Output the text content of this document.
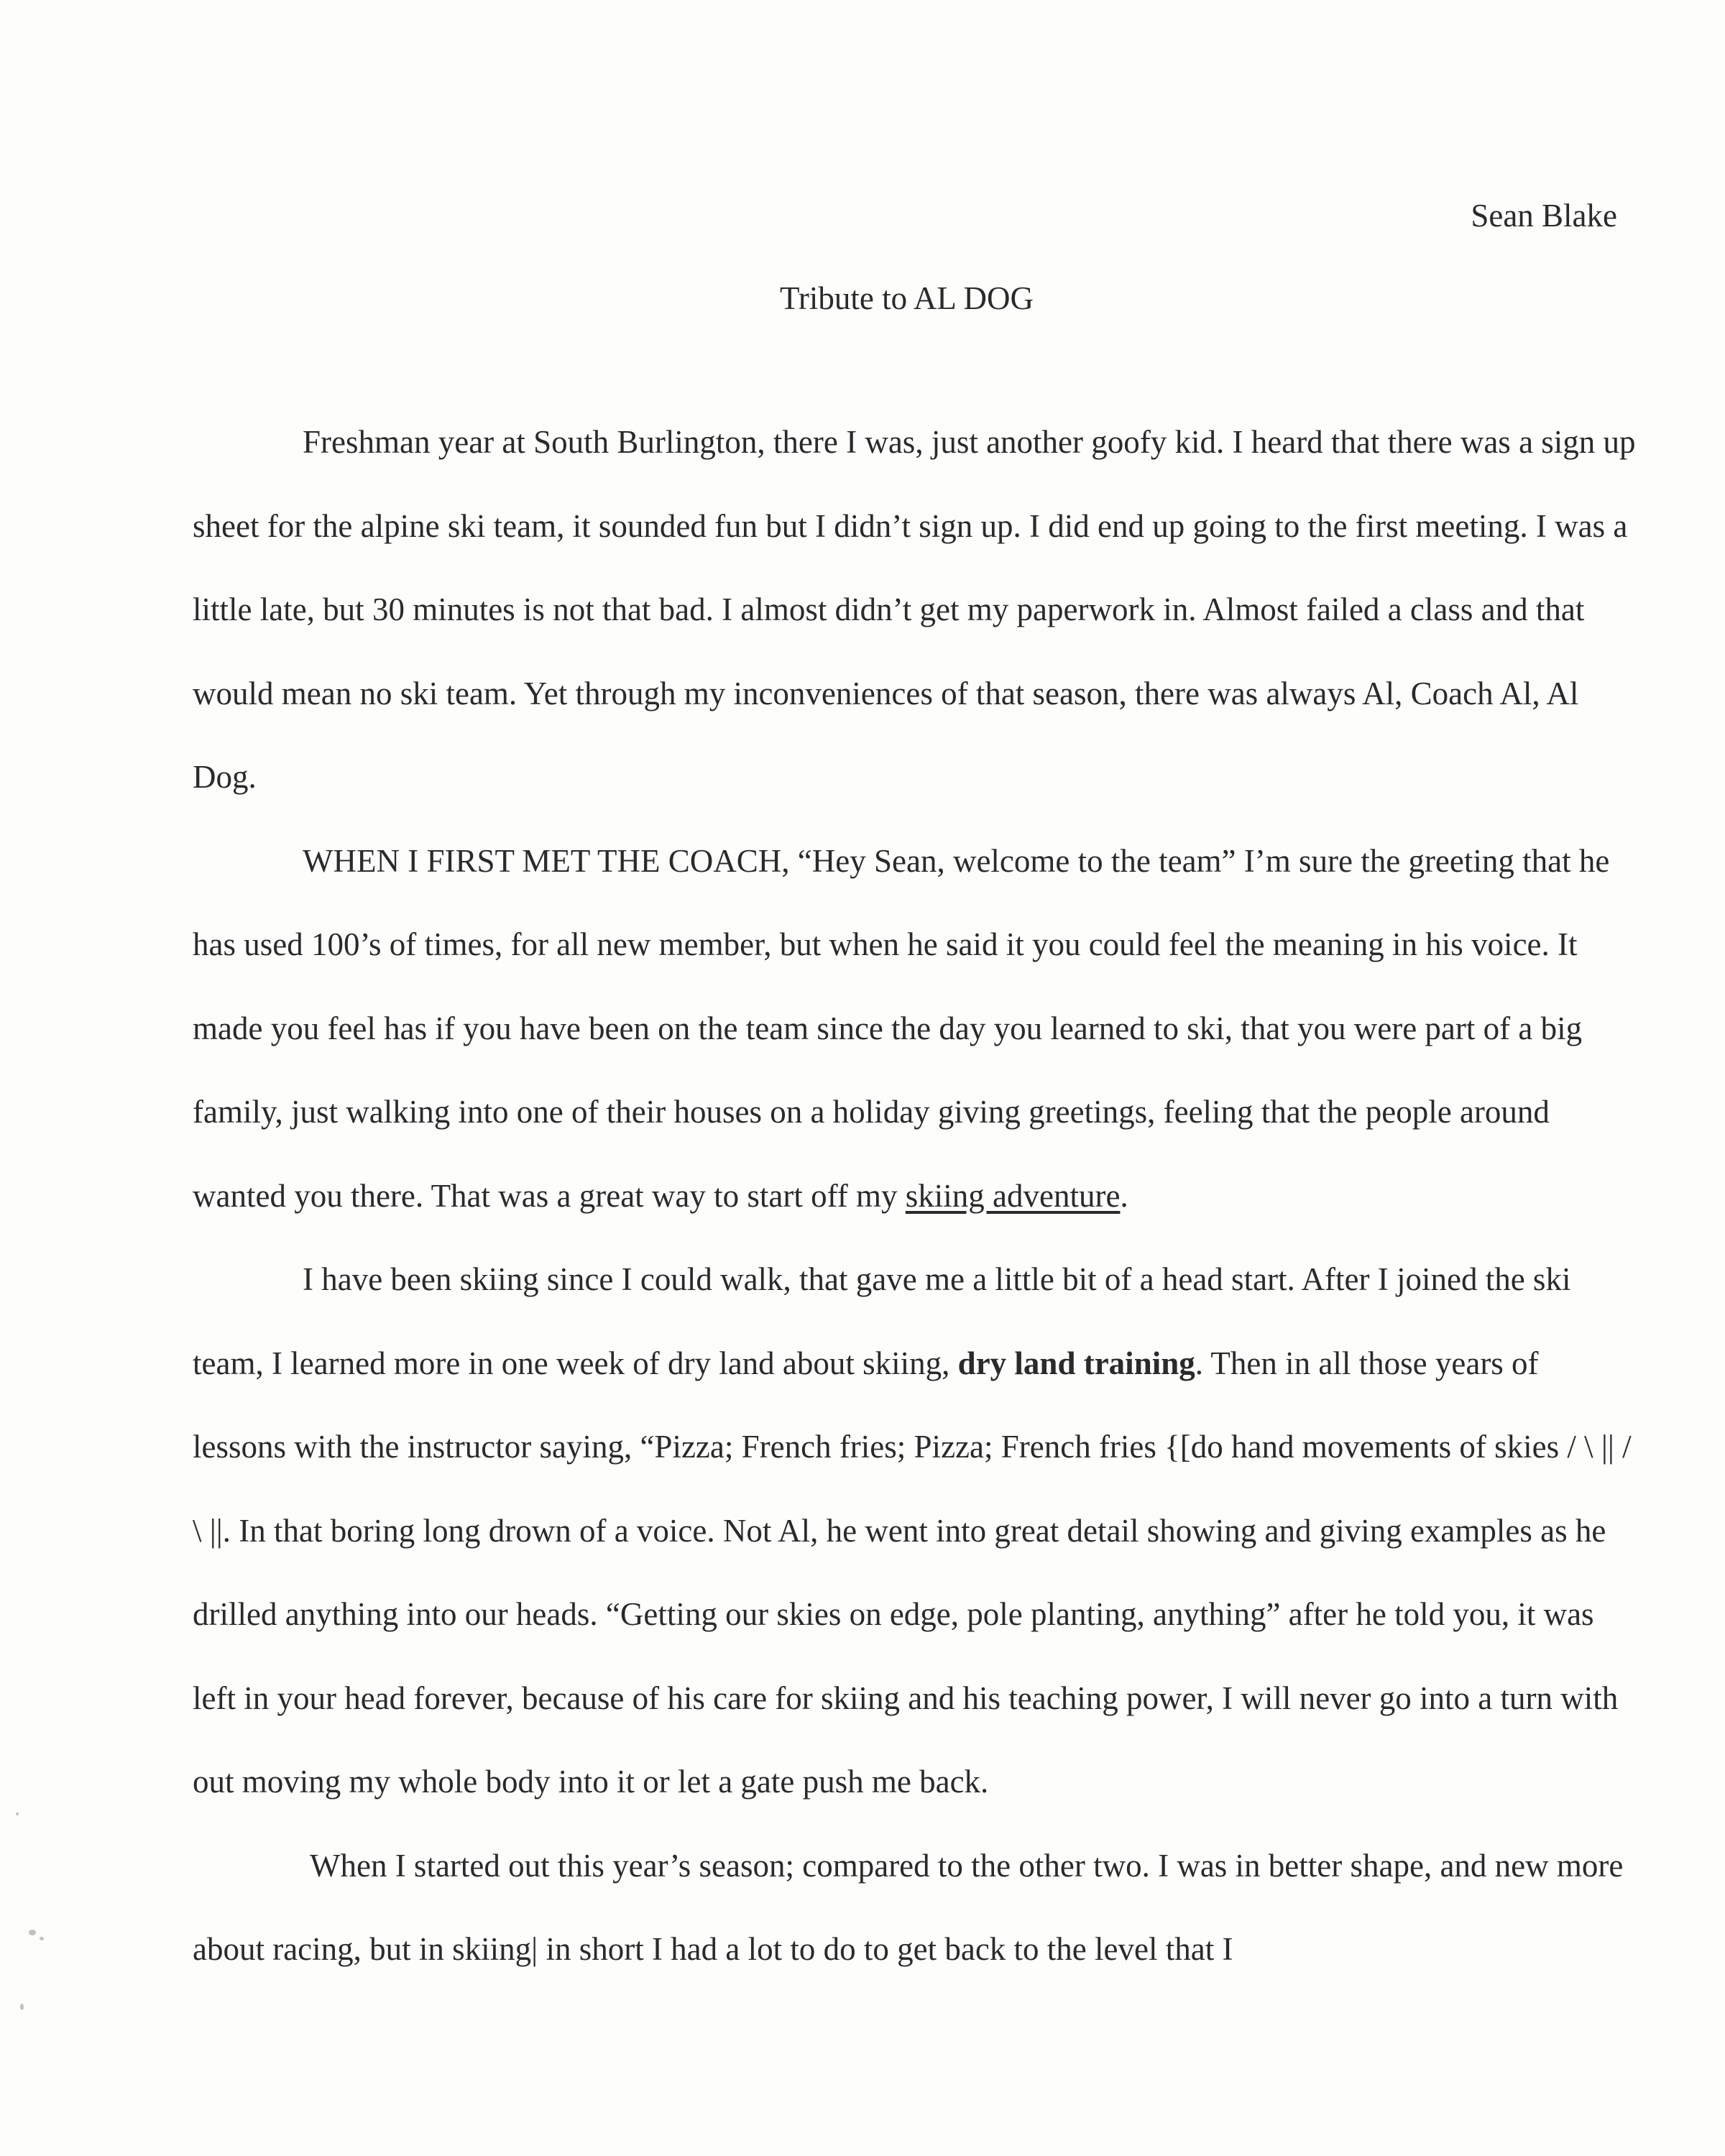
Sean Blake

Tribute to AL DOG

Freshman year at South Burlington, there I was, just another goofy kid. I heard that there was a sign up sheet for the alpine ski team, it sounded fun but I didn’t sign up. I did end up going to the first meeting. I was a little late, but 30 minutes is not that bad. I almost didn’t get my paperwork in. Almost failed a class and that would mean no ski team. Yet through my inconveniences of that season, there was always Al, Coach Al, Al Dog.

WHEN I FIRST MET THE COACH, “Hey Sean, welcome to the team” I’m sure the greeting that he has used 100’s of times, for all new member, but when he said it you could feel the meaning in his voice. It made you feel has if you have been on the team since the day you learned to ski, that you were part of a big family, just walking into one of their houses on a holiday giving greetings, feeling that the people around wanted you there. That was a great way to start off my skiing adventure.

I have been skiing since I could walk, that gave me a little bit of a head start. After I joined the ski team, I learned more in one week of dry land about skiing, dry land training. Then in all those years of lessons with the instructor saying, “Pizza; French fries; Pizza; French fries {[do hand movements of skies / \ || / \ ||. In that boring long drown of a voice. Not Al, he went into great detail showing and giving examples as he drilled anything into our heads. “Getting our skies on edge, pole planting, anything” after he told you, it was left in your head forever, because of his care for skiing and his teaching power, I will never go into a turn with out moving my whole body into it or let a gate push me back.

When I started out this year’s season; compared to the other two. I was in better shape, and new more about racing, but in skiing| in short I had a lot to do to get back to the level that I
